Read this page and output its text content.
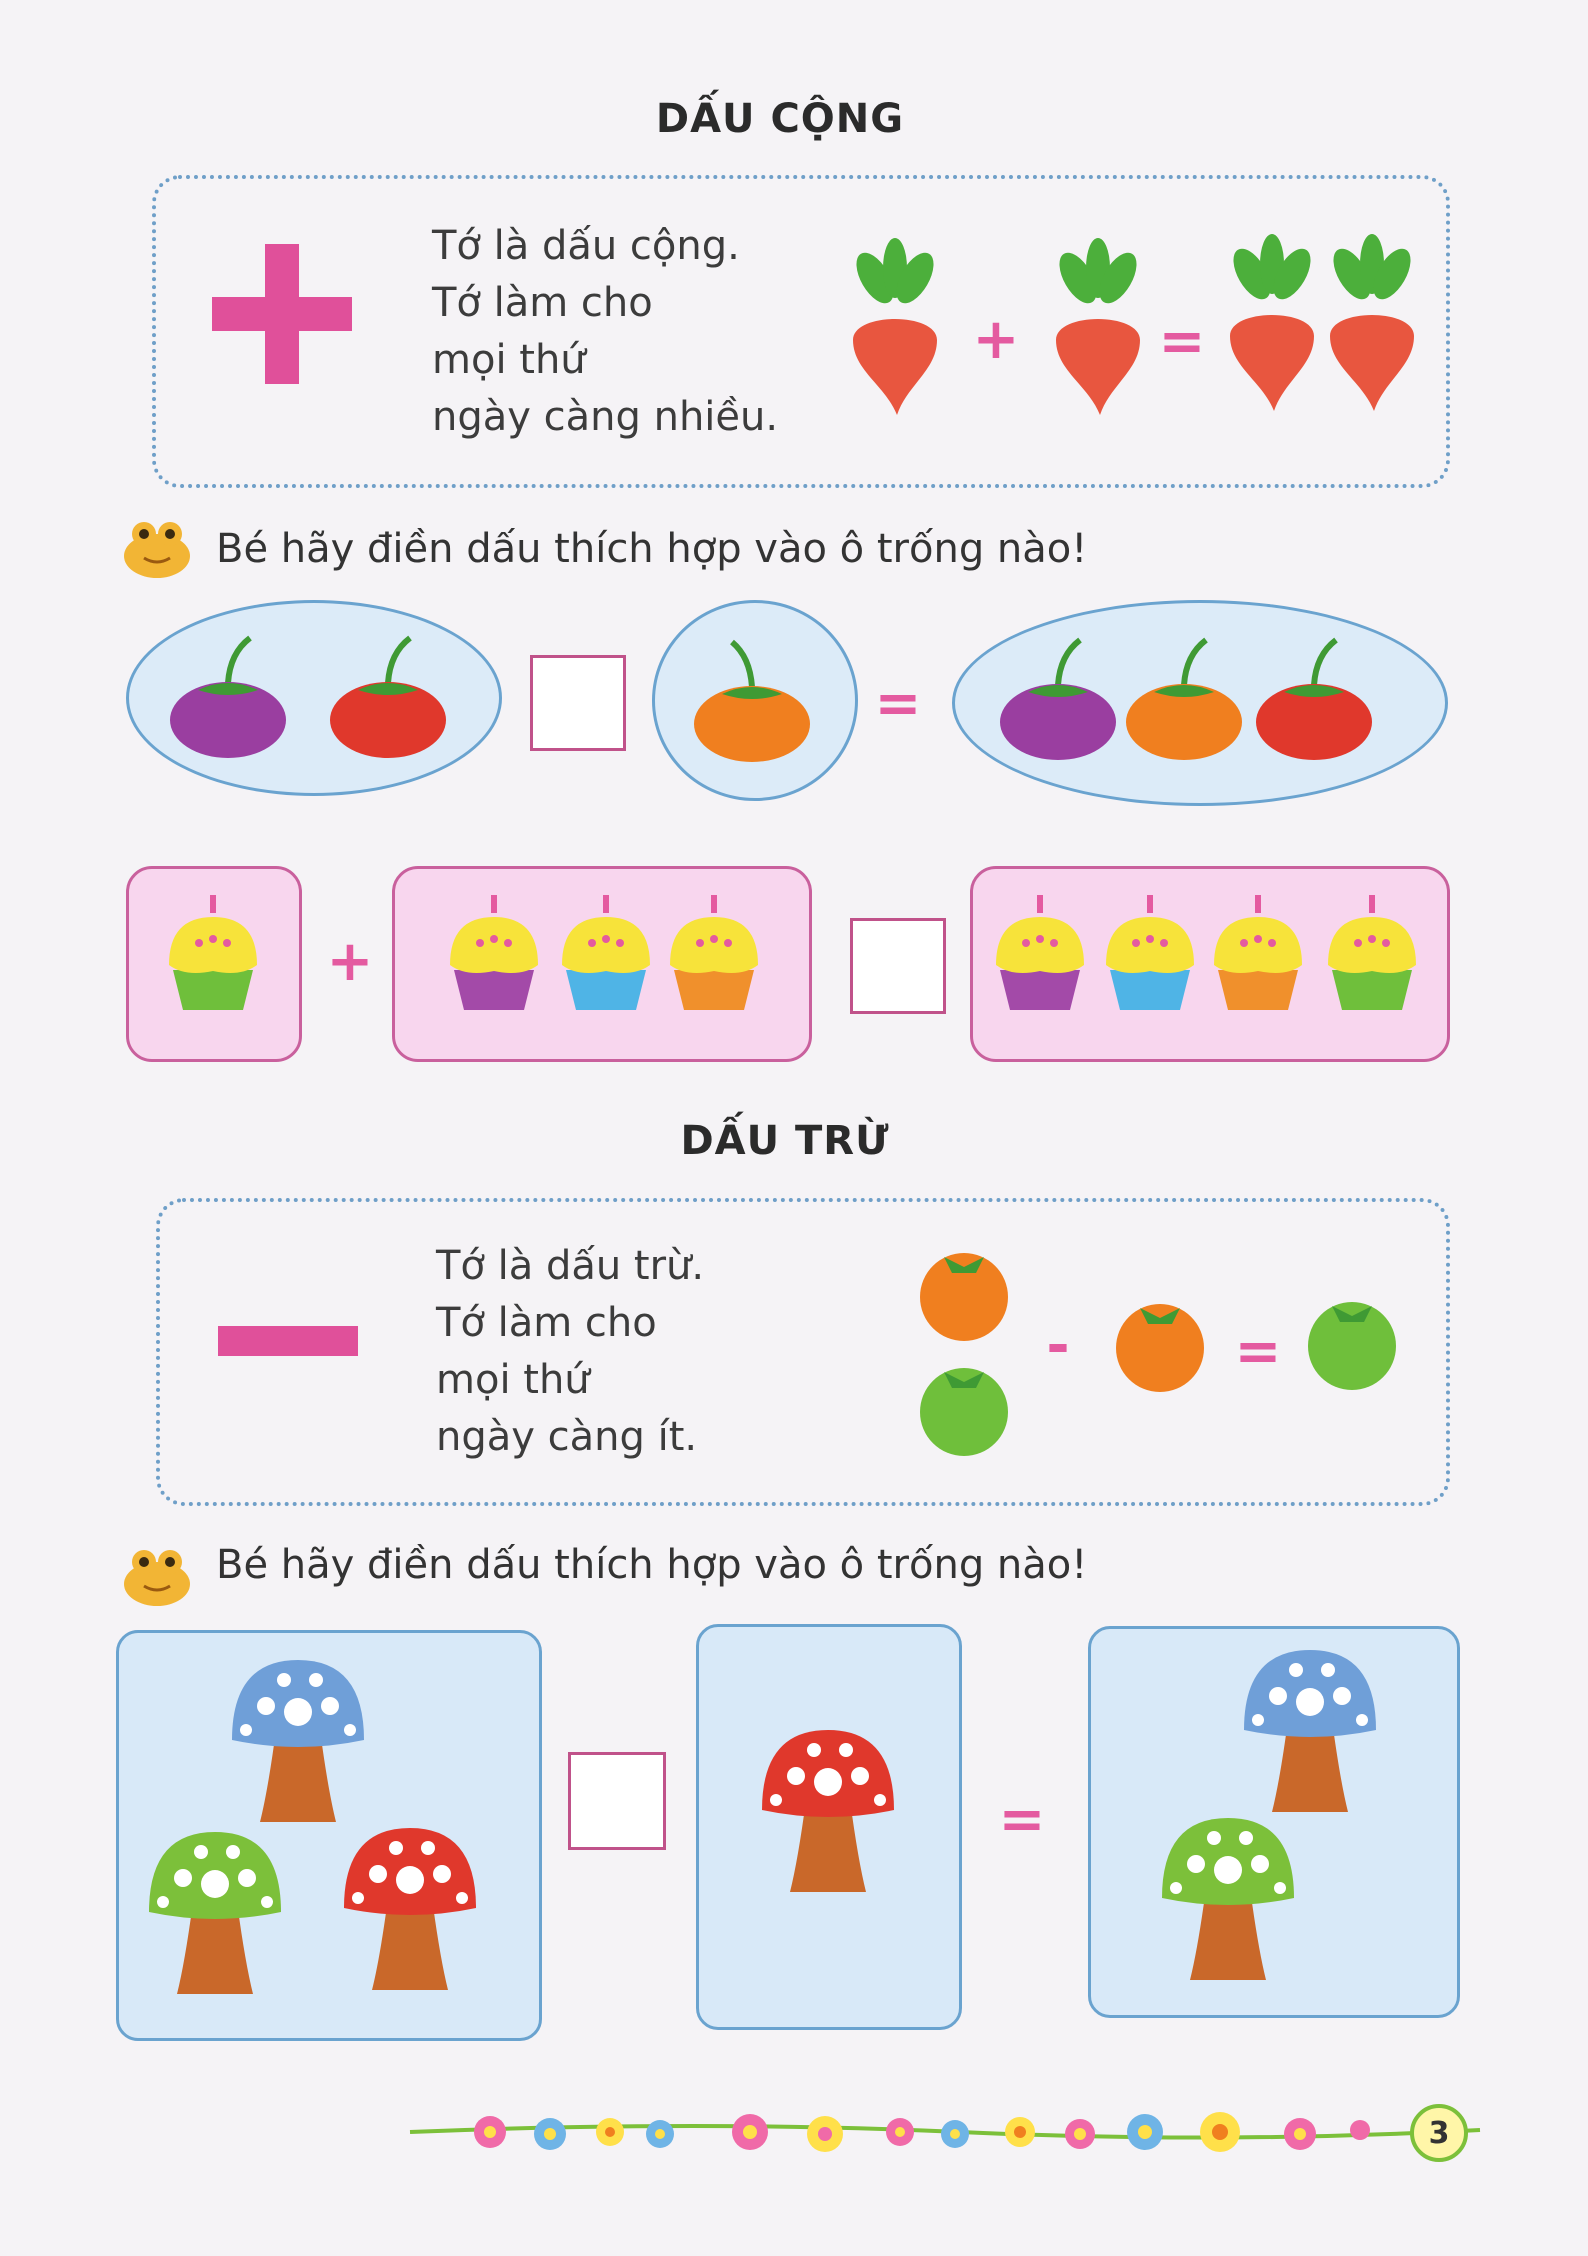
DẤU CỘNG
Tớ là dấu cộng.
Tớ làm cho
mọi thứ
ngày càng nhiều.
+ =
Bé hãy điền dấu thích hợp vào ô trống nào!
=
+
DẤU TRỪ
Tớ là dấu trừ.
Tớ làm cho
mọi thứ
ngày càng ít.
-	=
Bé hãy điền dấu thích hợp vào ô trống nào!
=
3
